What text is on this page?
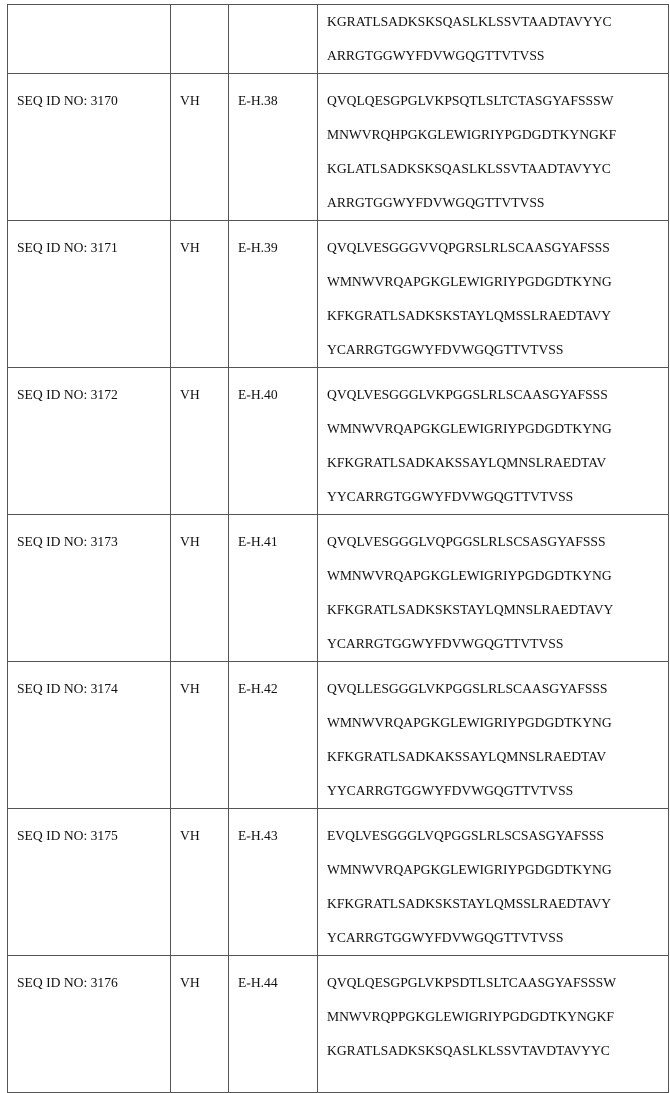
KGRATLSADKSKSQASLKLSSVTAADTAVYYC
ARRGTGGWYFDVWGQGTTVTVSS

SEQ ID NO: 3170	VH	E-H.38	QVQLQESGPGLVKPSQTLSLTCTASGYAFSSSW
MNWVRQHPGKGLEWIGRIYPGDGDTKYNGKF
KGLATLSADKSKSQASLKLSSVTAADTAVYYC
ARRGTGGWYFDVWGQGTTVTVSS

SEQ ID NO: 3171	VH	E-H.39	QVQLVESGGGVVQPGRSLRLSCAASGYAFSSS
WMNWVRQAPGKGLEWIGRIYPGDGDTKYNG
KFKGRATLSADKSKSTAYLQMSSLRAEDTAVY
YCARRGTGGWYFDVWGQGTTVTVSS

SEQ ID NO: 3172	VH	E-H.40	QVQLVESGGGLVKPGGSLRLSCAASGYAFSSS
WMNWVRQAPGKGLEWIGRIYPGDGDTKYNG
KFKGRATLSADKAKSSAYLQMNSLRAEDTAV
YYCARRGTGGWYFDVWGQGTTVTVSS

SEQ ID NO: 3173	VH	E-H.41	QVQLVESGGGLVQPGGSLRLSCSASGYAFSSS
WMNWVRQAPGKGLEWIGRIYPGDGDTKYNG
KFKGRATLSADKSKSTAYLQMNSLRAEDTAVY
YCARRGTGGWYFDVWGQGTTVTVSS

SEQ ID NO: 3174	VH	E-H.42	QVQLLESGGGLVKPGGSLRLSCAASGYAFSSS
WMNWVRQAPGKGLEWIGRIYPGDGDTKYNG
KFKGRATLSADKAKSSAYLQMNSLRAEDTAV
YYCARRGTGGWYFDVWGQGTTVTVSS

SEQ ID NO: 3175	VH	E-H.43	EVQLVESGGGLVQPGGSLRLSCSASGYAFSSS
WMNWVRQAPGKGLEWIGRIYPGDGDTKYNG
KFKGRATLSADKSKSTAYLQMSSLRAEDTAVY
YCARRGTGGWYFDVWGQGTTVTVSS

SEQ ID NO: 3176	VH	E-H.44	QVQLQESGPGLVKPSDTLSLTCAASGYAFSSSW
MNWVRQPPGKGLEWIGRIYPGDGDTKYNGKF
KGRATLSADKSKSQASLKLSSVTAVDTAVYYC
